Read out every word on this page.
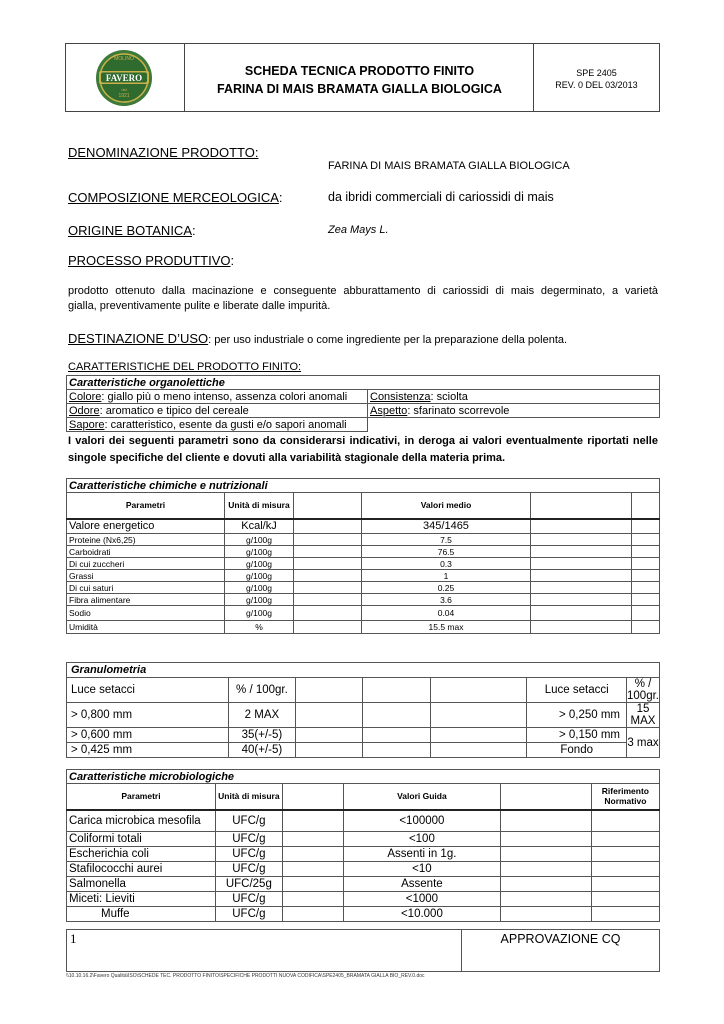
MOLINO
FAVERO
dal
1921
SCHEDA TECNICA PRODOTTO FINITO
FARINA DI MAIS BRAMATA GIALLA BIOLOGICA
SPE 2405
REV. 0 DEL 03/2013
DENOMINAZIONE PRODOTTO:
FARINA DI MAIS BRAMATA GIALLA BIOLOGICA
COMPOSIZIONE MERCEOLOGICA:	da ibridi commerciali di cariossidi di mais
ORIGINE BOTANICA:	Zea Mays L.
PROCESSO PRODUTTIVO:
prodotto ottenuto dalla macinazione e conseguente abburattamento di cariossidi di mais degerminato, a varietà
gialla, preventivamente pulite e liberate dalle impurità.
DESTINAZIONE D’USO: per uso industriale o come ingrediente per la preparazione della polenta.
CARATTERISTICHE DEL PRODOTTO FINITO:
Caratteristiche organolettiche	
Colore: giallo più o meno intenso, assenza colori anomali	Consistenza: sciolta
Odore: aromatico e tipico del cereale	Aspetto: sfarinato scorrevole
Sapore: caratteristico, esente da gusti e/o sapori anomali	
I valori dei seguenti parametri sono da considerarsi indicativi, in deroga ai valori eventualmente riportati nelle
singole specifiche del cliente e dovuti alla variabilità stagionale della materia prima.
Caratteristiche chimiche e nutrizionali					
Parametri	Unità di misura		Valori medio		
Valore energetico	Kcal/kJ		345/1465		
Proteine (Nx6,25)	g/100g		7.5		
Carboidrati	g/100g		76.5		
Di cui zuccheri	g/100g		0.3		
Grassi	g/100g		1		
Di cui saturi	g/100g		0.25		
Fibra alimentare	g/100g		3.6		
Sodio	g/100g		0.04		
Umidità	%		15.5 max		
Granulometria						
Luce setacci	% / 100gr.				Luce setacci	% / 100gr.
> 0,800 mm	2 MAX				> 0,250 mm	15 MAX
> 0,600 mm	35(+/-5)				> 0,150 mm	3 max
> 0,425 mm	40(+/-5)				Fondo	
Caratteristiche microbiologiche					
Parametri	Unità di misura		Valori Guida		Riferimento Normativo
Carica microbica mesofila	UFC/g		<100000		
Coliformi totali	UFC/g		<100		
Escherichia coli	UFC/g		Assenti in 1g.		
Stafilococchi aurei	UFC/g		<10		
Salmonella	UFC/25g		Assente		
Miceti: Lieviti	UFC/g		<1000		
Muffe	UFC/g		<10.000		
1	APPROVAZIONE CQ
\\10.10.16.2\Favero Qualità\ISO\SCHEDE TEC. PRODOTTO FINITO\SPECIFICHE PRODOTTI NUOVA CODIFICA\SPE2405_BRAMATA GIALLA BIO_REV.0.doc
